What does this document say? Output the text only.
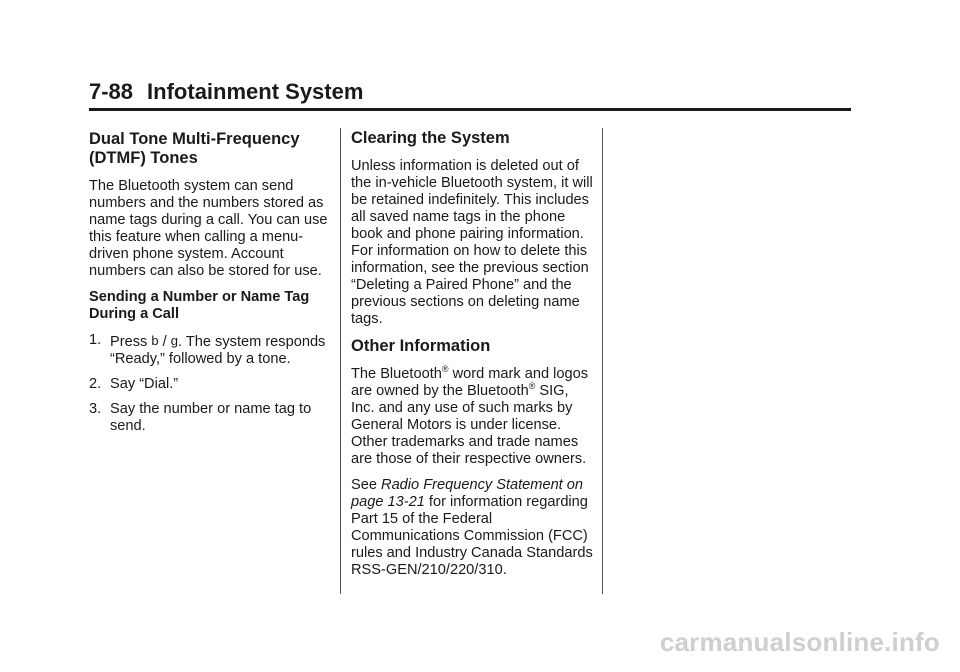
7-88 Infotainment System
Dual Tone Multi-Frequency (DTMF) Tones

The Bluetooth system can send numbers and the numbers stored as name tags during a call. You can use this feature when calling a menu-driven phone system. Account numbers can also be stored for use.

Sending a Number or Name Tag During a Call

1. Press b / g. The system responds “Ready,” followed by a tone.
2. Say “Dial.”
3. Say the number or name tag to send.
Clearing the System

Unless information is deleted out of the in-vehicle Bluetooth system, it will be retained indefinitely. This includes all saved name tags in the phone book and phone pairing information. For information on how to delete this information, see the previous section “Deleting a Paired Phone” and the previous sections on deleting name tags.

Other Information

The Bluetooth® word mark and logos are owned by the Bluetooth® SIG, Inc. and any use of such marks by General Motors is under license. Other trademarks and trade names are those of their respective owners.

See Radio Frequency Statement on page 13-21 for information regarding Part 15 of the Federal Communications Commission (FCC) rules and Industry Canada Standards RSS-GEN/210/220/310.

carmanualsonline.info
